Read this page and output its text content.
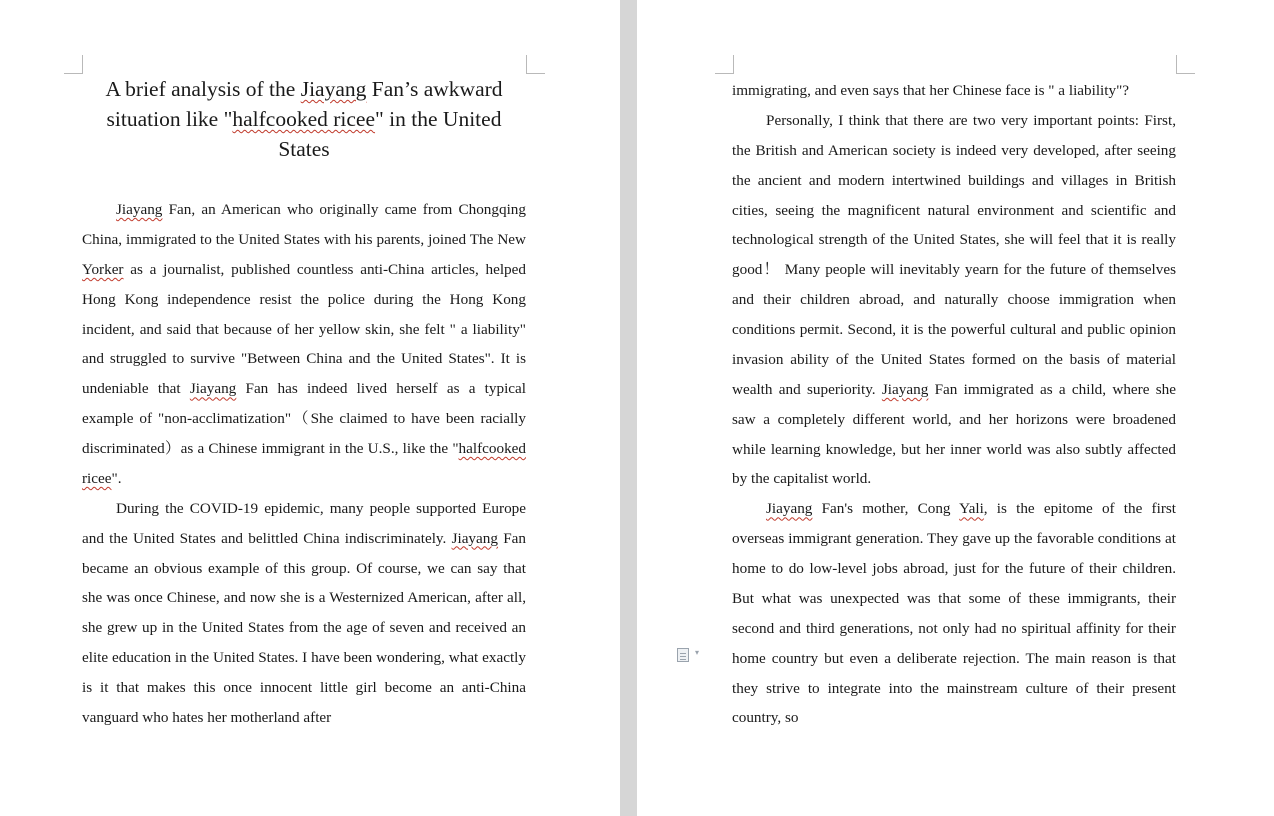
A brief analysis of the Jiayang Fan’s awkward situation like "halfcooked ricee" in the United States

Jiayang Fan, an American who originally came from Chongqing China, immigrated to the United States with his parents, joined The New Yorker as a journalist, published countless anti-China articles, helped Hong Kong independence resist the police during the Hong Kong incident, and said that because of her yellow skin, she felt " a liability" and struggled to survive "Between China and the United States". It is undeniable that Jiayang Fan has indeed lived herself as a typical example of "non-acclimatization"（She claimed to have been racially discriminated）as a Chinese immigrant in the U.S., like the "halfcooked ricee".

During the COVID-19 epidemic, many people supported Europe and the United States and belittled China indiscriminately. Jiayang Fan became an obvious example of this group. Of course, we can say that she was once Chinese, and now she is a Westernized American, after all, she grew up in the United States from the age of seven and received an elite education in the United States. I have been wondering, what exactly is it that makes this once innocent little girl become an anti-China vanguard who hates her motherland after

▾

immigrating, and even says that her Chinese face is " a liability"?

Personally, I think that there are two very important points: First, the British and American society is indeed very developed, after seeing the ancient and modern intertwined buildings and villages in British cities, seeing the magnificent natural environment and scientific and technological strength of the United States, she will feel that it is really good！ Many people will inevitably yearn for the future of themselves and their children abroad, and naturally choose immigration when conditions permit. Second, it is the powerful cultural and public opinion invasion ability of the United States formed on the basis of material wealth and superiority. Jiayang Fan immigrated as a child, where she saw a completely different world, and her horizons were broadened while learning knowledge, but her inner world was also subtly affected by the capitalist world.

Jiayang Fan's mother, Cong Yali, is the epitome of the first overseas immigrant generation. They gave up the favorable conditions at home to do low-level jobs abroad, just for the future of their children. But what was unexpected was that some of these immigrants, their second and third generations, not only had no spiritual affinity for their home country but even a deliberate rejection. The main reason is that they strive to integrate into the mainstream culture of their present country, so
